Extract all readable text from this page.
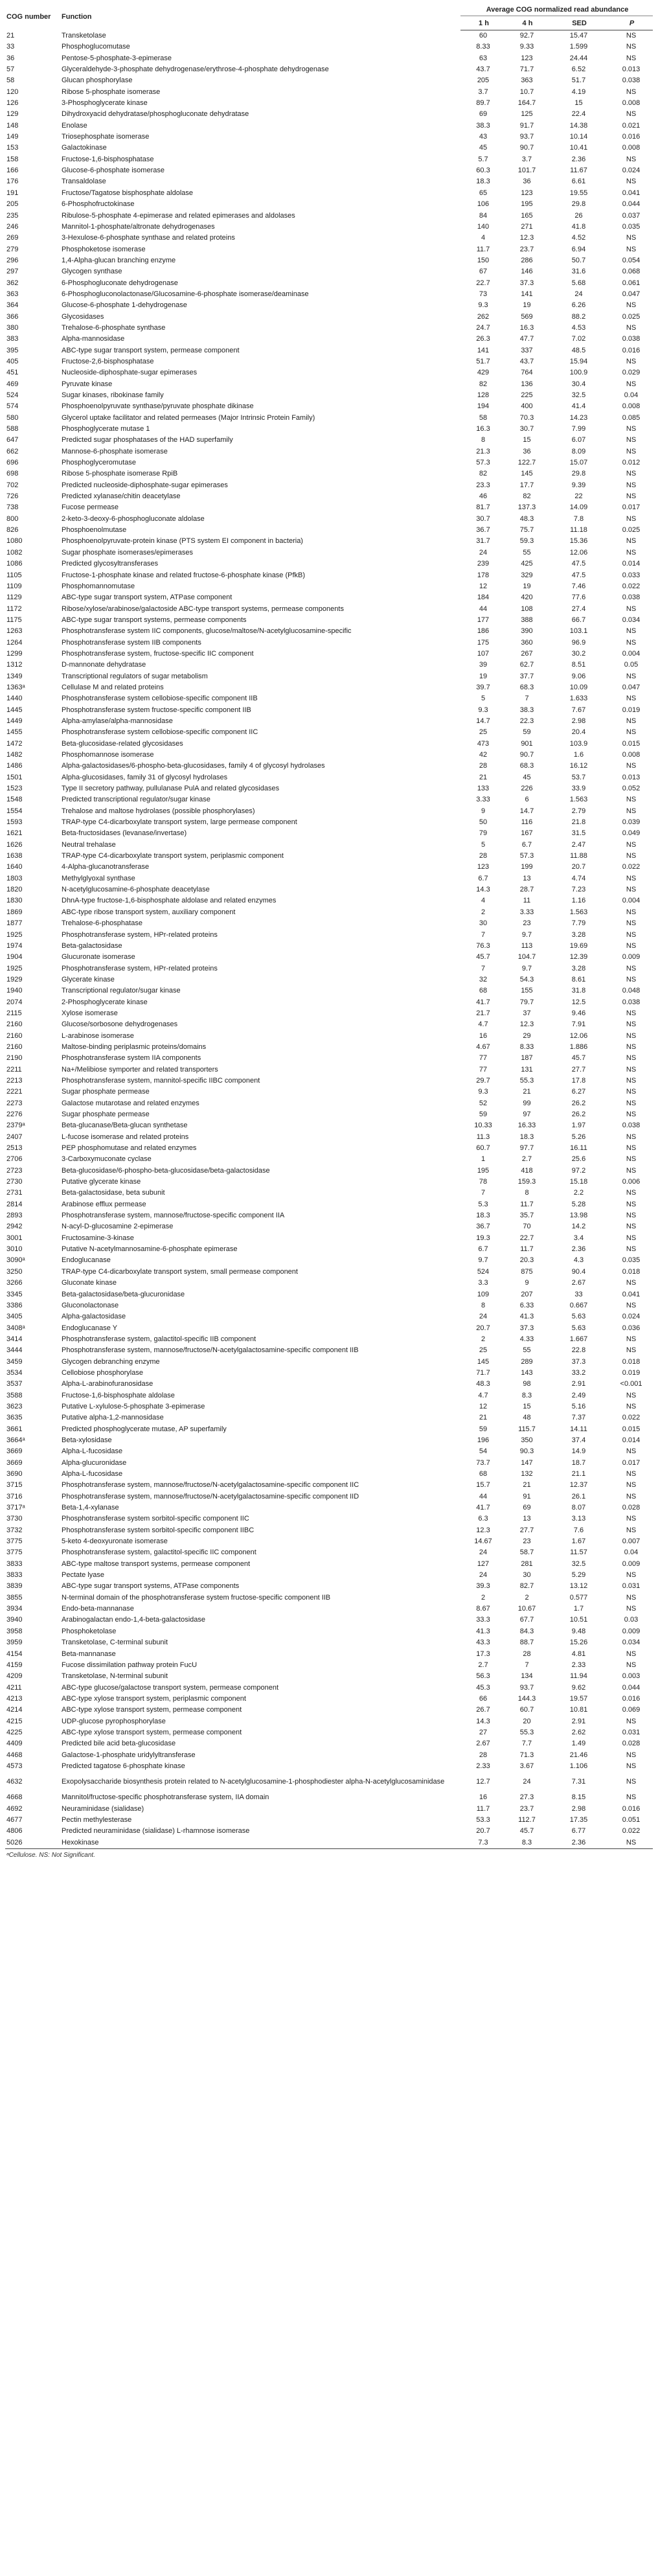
COG number	Function	Average COG normalized read abundance			
		1 h	4 h	SED	P
21	Transketolase	60	92.7	15.47	NS
33	Phosphoglucomutase	8.33	9.33	1.599	NS
36	Pentose-5-phosphate-3-epimerase	63	123	24.44	NS
57	Glyceraldehyde-3-phosphate dehydrogenase/erythrose-4-phosphate dehydrogenase	43.7	71.7	6.52	0.013
58	Glucan phosphorylase	205	363	51.7	0.038
120	Ribose 5-phosphate isomerase	3.7	10.7	4.19	NS
126	3-Phosphoglycerate kinase	89.7	164.7	15	0.008
129	Dihydroxyacid dehydratase/phosphogluconate dehydratase	69	125	22.4	NS
148	Enolase	38.3	91.7	14.38	0.021
149	Triosephosphate isomerase	43	93.7	10.14	0.016
153	Galactokinase	45	90.7	10.41	0.008
158	Fructose-1,6-bisphosphatase	5.7	3.7	2.36	NS
166	Glucose-6-phosphate isomerase	60.3	101.7	11.67	0.024
176	Transaldolase	18.3	36	6.61	NS
191	Fructose/Tagatose bisphosphate aldolase	65	123	19.55	0.041
205	6-Phosphofructokinase	106	195	29.8	0.044
235	Ribulose-5-phosphate 4-epimerase and related epimerases and aldolases	84	165	26	0.037
246	Mannitol-1-phosphate/altronate dehydrogenases	140	271	41.8	0.035
269	3-Hexulose-6-phosphate synthase and related proteins	4	12.3	4.52	NS
279	Phosphoketose isomerase	11.7	23.7	6.94	NS
296	1,4-Alpha-glucan branching enzyme	150	286	50.7	0.054
297	Glycogen synthase	67	146	31.6	0.068
362	6-Phosphogluconate dehydrogenase	22.7	37.3	5.68	0.061
363	6-Phosphogluconolactonase/Glucosamine-6-phosphate isomerase/deaminase	73	141	24	0.047
364	Glucose-6-phosphate 1-dehydrogenase	9.3	19	6.26	NS
366	Glycosidases	262	569	88.2	0.025
380	Trehalose-6-phosphate synthase	24.7	16.3	4.53	NS
383	Alpha-mannosidase	26.3	47.7	7.02	0.038
395	ABC-type sugar transport system, permease component	141	337	48.5	0.016
405	Fructose-2,6-bisphosphatase	51.7	43.7	15.94	NS
451	Nucleoside-diphosphate-sugar epimerases	429	764	100.9	0.029
469	Pyruvate kinase	82	136	30.4	NS
524	Sugar kinases, ribokinase family	128	225	32.5	0.04
574	Phosphoenolpyruvate synthase/pyruvate phosphate dikinase	194	400	41.4	0.008
580	Glycerol uptake facilitator and related permeases (Major Intrinsic Protein Family)	58	70.3	14.23	0.085
588	Phosphoglycerate mutase 1	16.3	30.7	7.99	NS
647	Predicted sugar phosphatases of the HAD superfamily	8	15	6.07	NS
662	Mannose-6-phosphate isomerase	21.3	36	8.09	NS
696	Phosphoglyceromutase	57.3	122.7	15.07	0.012
698	Ribose 5-phosphate isomerase RpiB	82	145	29.8	NS
702	Predicted nucleoside-diphosphate-sugar epimerases	23.3	17.7	9.39	NS
726	Predicted xylanase/chitin deacetylase	46	82	22	NS
738	Fucose permease	81.7	137.3	14.09	0.017
800	2-keto-3-deoxy-6-phosphogluconate aldolase	30.7	48.3	7.8	NS
826	Phosphoenolmutase	36.7	75.7	11.18	0.025
1080	Phosphoenolpyruvate-protein kinase (PTS system EI component in bacteria)	31.7	59.3	15.36	NS
1082	Sugar phosphate isomerases/epimerases	24	55	12.06	NS
1086	Predicted glycosyltransferases	239	425	47.5	0.014
1105	Fructose-1-phosphate kinase and related fructose-6-phosphate kinase (PfkB)	178	329	47.5	0.033
1109	Phosphomannomutase	12	19	7.46	0.022
1129	ABC-type sugar transport system, ATPase component	184	420	77.6	0.038
1172	Ribose/xylose/arabinose/galactoside ABC-type transport systems, permease components	44	108	27.4	NS
1175	ABC-type sugar transport systems, permease components	177	388	66.7	0.034
1263	Phosphotransferase system IIC components, glucose/maltose/N-acetylglucosamine-specific	186	390	103.1	NS
1264	Phosphotransferase system IIB components	175	360	96.9	NS
1299	Phosphotransferase system, fructose-specific IIC component	107	267	30.2	0.004
1312	D-mannonate dehydratase	39	62.7	8.51	0.05
1349	Transcriptional regulators of sugar metabolism	19	37.7	9.06	NS
1363ᵃ	Cellulase M and related proteins	39.7	68.3	10.09	0.047
1440	Phosphotransferase system cellobiose-specific component IIB	5	7	1.633	NS
1445	Phosphotransferase system fructose-specific component IIB	9.3	38.3	7.67	0.019
1449	Alpha-amylase/alpha-mannosidase	14.7	22.3	2.98	NS
1455	Phosphotransferase system cellobiose-specific component IIC	25	59	20.4	NS
1472	Beta-glucosidase-related glycosidases	473	901	103.9	0.015
1482	Phosphomannose isomerase	42	90.7	1.6	0.008
1486	Alpha-galactosidases/6-phospho-beta-glucosidases, family 4 of glycosyl hydrolases	28	68.3	16.12	NS
1501	Alpha-glucosidases, family 31 of glycosyl hydrolases	21	45	53.7	0.013
1523	Type II secretory pathway, pullulanase PulA and related glycosidases	133	226	33.9	0.052
1548	Predicted transcriptional regulator/sugar kinase	3.33	6	1.563	NS
1554	Trehalose and maltose hydrolases (possible phosphorylases)	9	14.7	2.79	NS
1593	TRAP-type C4-dicarboxylate transport system, large permease component	50	116	21.8	0.039
1621	Beta-fructosidases (levanase/invertase)	79	167	31.5	0.049
1626	Neutral trehalase	5	6.7	2.47	NS
1638	TRAP-type C4-dicarboxylate transport system, periplasmic component	28	57.3	11.88	NS
1640	4-Alpha-glucanotransferase	123	199	20.7	0.022
1803	Methylglyoxal synthase	6.7	13	4.74	NS
1820	N-acetylglucosamine-6-phosphate deacetylase	14.3	28.7	7.23	NS
1830	DhnA-type fructose-1,6-bisphosphate aldolase and related enzymes	4	11	1.16	0.004
1869	ABC-type ribose transport system, auxiliary component	2	3.33	1.563	NS
1877	Trehalose-6-phosphatase	30	23	7.79	NS
1925	Phosphotransferase system, HPr-related proteins	7	9.7	3.28	NS
1974	Beta-galactosidase	76.3	113	19.69	NS
1904	Glucuronate isomerase	45.7	104.7	12.39	0.009
1925	Phosphotransferase system, HPr-related proteins	7	9.7	3.28	NS
1929	Glycerate kinase	32	54.3	8.61	NS
1940	Transcriptional regulator/sugar kinase	68	155	31.8	0.048
2074	2-Phosphoglycerate kinase	41.7	79.7	12.5	0.038
2115	Xylose isomerase	21.7	37	9.46	NS
2160	Glucose/sorbosone dehydrogenases	4.7	12.3	7.91	NS
2160	L-arabinose isomerase	16	29	12.06	NS
2160	Maltose-binding periplasmic proteins/domains	4.67	8.33	1.886	NS
2190	Phosphotransferase system IIA components	77	187	45.7	NS
2211	Na+/Melibiose symporter and related transporters	77	131	27.7	NS
2213	Phosphotransferase system, mannitol-specific IIBC component	29.7	55.3	17.8	NS
2221	Sugar phosphate permease	9.3	21	6.27	NS
2273	Galactose mutarotase and related enzymes	52	99	26.2	NS
2276	Sugar phosphate permease	59	97	26.2	NS
2379ᵃ	Beta-glucanase/Beta-glucan synthetase	10.33	16.33	1.97	0.038
2407	L-fucose isomerase and related proteins	11.3	18.3	5.26	NS
2513	PEP phosphomutase and related enzymes	60.7	97.7	16.11	NS
2706	3-Carboxymuconate cyclase	1	2.7	25.6	NS
2723	Beta-glucosidase/6-phospho-beta-glucosidase/beta-galactosidase	195	418	97.2	NS
2730	Putative glycerate kinase	78	159.3	15.18	0.006
2731	Beta-galactosidase, beta subunit	7	8	2.2	NS
2814	Arabinose efflux permease	5.3	11.7	5.28	NS
2893	Phosphotransferase system, mannose/fructose-specific component IIA	18.3	35.7	13.98	NS
2942	N-acyl-D-glucosamine 2-epimerase	36.7	70	14.2	NS
3001	Fructosamine-3-kinase	19.3	22.7	3.4	NS
3010	Putative N-acetylmannosamine-6-phosphate epimerase	6.7	11.7	2.36	NS
3090ᵃ	Endoglucanase	9.7	20.3	4.3	0.035
3250	TRAP-type C4-dicarboxylate transport system, small permease component	524	875	90.4	0.018
3266	Gluconate kinase	3.3	9	2.67	NS
3345	Beta-galactosidase/beta-glucuronidase	109	207	33	0.041
3386	Gluconolactonase	8	6.33	0.667	NS
3405	Alpha-galactosidase	24	41.3	5.63	0.024
3408ᵃ	Endoglucanase Y	20.7	37.3	5.63	0.036
3414	Phosphotransferase system, galactitol-specific IIB component	2	4.33	1.667	NS
3444	Phosphotransferase system, mannose/fructose/N-acetylgalactosamine-specific component IIB	25	55	22.8	NS
3459	Glycogen debranching enzyme	145	289	37.3	0.018
3534	Cellobiose phosphorylase	71.7	143	33.2	0.019
3537	Alpha-L-arabinofuranosidase	48.3	98	2.91	<0.001
3588	Fructose-1,6-bisphosphate aldolase	4.7	8.3	2.49	NS
3623	Putative L-xylulose-5-phosphate 3-epimerase	12	15	5.16	NS
3635	Putative alpha-1,2-mannosidase	21	48	7.37	0.022
3661	Predicted phosphoglycerate mutase, AP superfamily	59	115.7	14.11	0.015
3664ᵃ	Beta-xylosidase	196	350	37.4	0.014
3669	Alpha-L-fucosidase	54	90.3	14.9	NS
3669	Alpha-glucuronidase	73.7	147	18.7	0.017
3690	Alpha-L-fucosidase	68	132	21.1	NS
3715	Phosphotransferase system, mannose/fructose/N-acetylgalactosamine-specific component IIC	15.7	21	12.37	NS
3716	Phosphotransferase system, mannose/fructose/N-acetylgalactosamine-specific component IID	44	91	26.1	NS
3717ᵃ	Beta-1,4-xylanase	41.7	69	8.07	0.028
3730	Phosphotransferase system sorbitol-specific component IIC	6.3	13	3.13	NS
3732	Phosphotransferase system sorbitol-specific component IIBC	12.3	27.7	7.6	NS
3775	5-keto 4-deoxyuronate isomerase	14.67	23	1.67	0.007
3775	Phosphotransferase system, galactitol-specific IIC component	24	58.7	11.57	0.04
3833	ABC-type maltose transport systems, permease component	127	281	32.5	0.009
3833	Pectate lyase	24	30	5.29	NS
3839	ABC-type sugar transport systems, ATPase components	39.3	82.7	13.12	0.031
3855	N-terminal domain of the phosphotransferase system fructose-specific component IIB	2	2	0.577	NS
3934	Endo-beta-mannanase	8.67	10.67	1.7	NS
3940	Arabinogalactan endo-1,4-beta-galactosidase	33.3	67.7	10.51	0.03
3958	Phosphoketolase	41.3	84.3	9.48	0.009
3959	Transketolase, C-terminal subunit	43.3	88.7	15.26	0.034
4154	Beta-mannanase	17.3	28	4.81	NS
4159	Fucose dissimilation pathway protein FucU	2.7	7	2.33	NS
4209	Transketolase, N-terminal subunit	56.3	134	11.94	0.003
4211	ABC-type glucose/galactose transport system, permease component	45.3	93.7	9.62	0.044
4213	ABC-type xylose transport system, periplasmic component	66	144.3	19.57	0.016
4214	ABC-type xylose transport system, permease component	26.7	60.7	10.81	0.069
4215	UDP-glucose pyrophosphorylase	14.3	20	2.91	NS
4225	ABC-type xylose transport system, permease component	27	55.3	2.62	0.031
4409	Predicted bile acid beta-glucosidase	2.67	7.7	1.49	0.028
4468	Galactose-1-phosphate uridylyltransferase	28	71.3	21.46	NS
4573	Predicted tagatose 6-phosphate kinase	2.33	3.67	1.106	NS
4632	Exopolysaccharide biosynthesis protein related to N-acetylglucosamine-1-phosphodiester alpha-N-acetylglucosaminidase	12.7	24	7.31	NS
4668	Mannitol/fructose-specific phosphotransferase system, IIA domain	16	27.3	8.15	NS
4692	Neuraminidase (sialidase)	11.7	23.7	2.98	0.016
4677	Pectin methylesterase	53.3	112.7	17.35	0.051
4806	Predicted neuraminidase (sialidase) L-rhamnose isomerase	20.7	45.7	6.77	0.022
5026	Hexokinase	7.3	8.3	2.36	NS
ᵃCellulose. NS: Not Significant.
